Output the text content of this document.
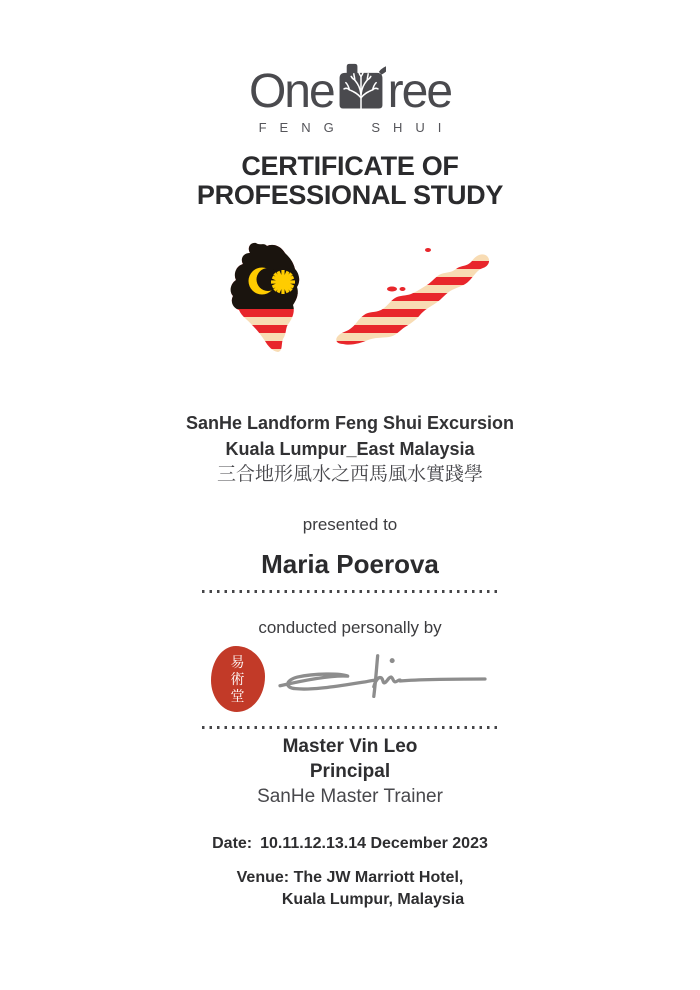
One ree
FENG SHUI
CERTIFICATE OF
PROFESSIONAL STUDY
SanHe Landform Feng Shui Excursion
Kuala Lumpur_East Malaysia
三合地形風水之西馬風水實踐學
presented to
Maria Poerova
conducted personally by
易
術
堂
Master Vin Leo
Principal
SanHe Master Trainer
Date: 10.11.12.13.14 December 2023
Venue: The JW Marriott Hotel,
Kuala Lumpur, Malaysia
